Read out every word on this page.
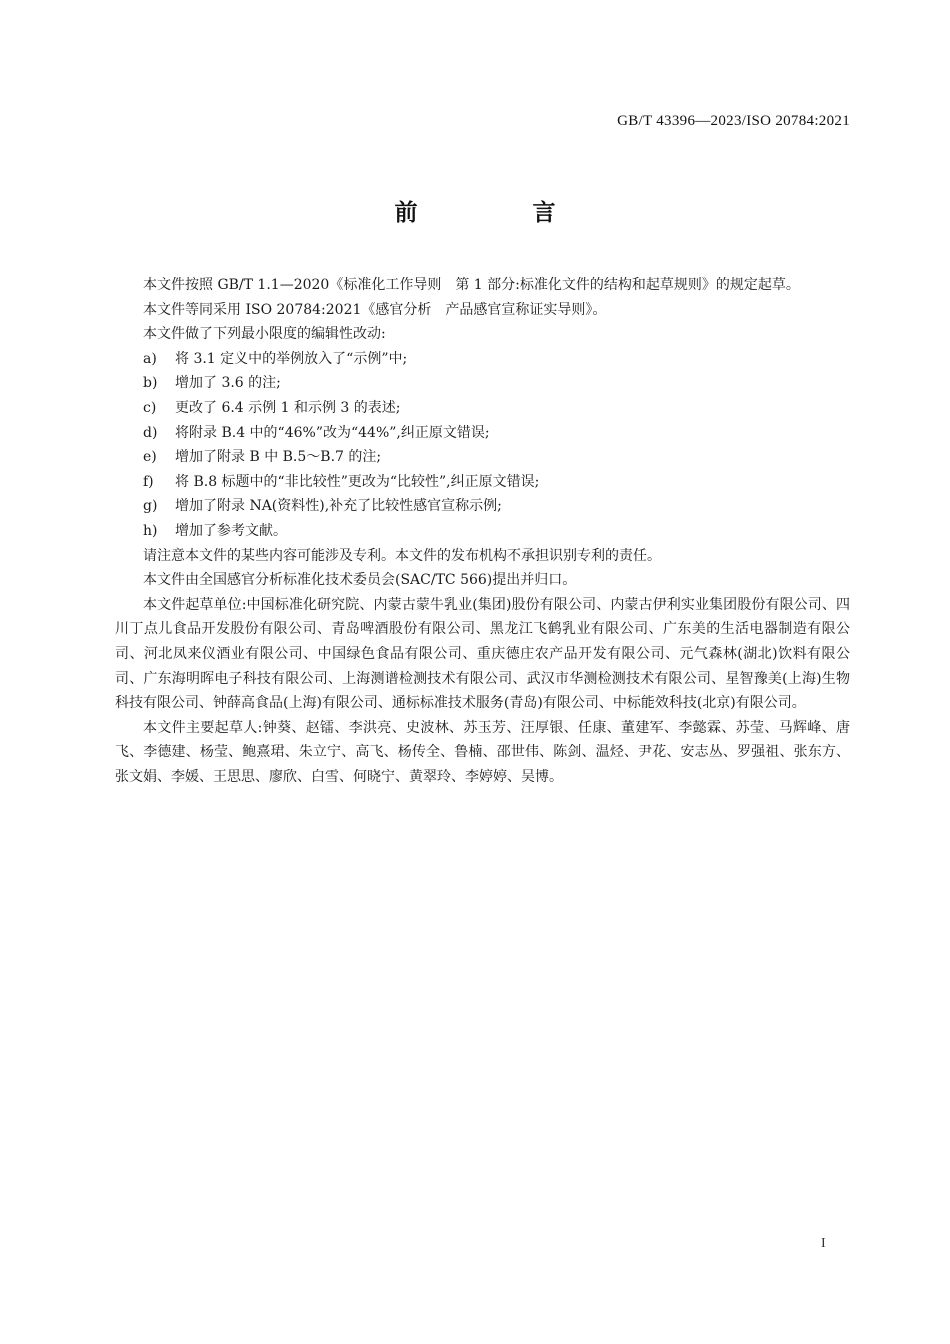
GB/T 43396—2023/ISO 20784:2021
前　言

本文件按照 GB/T 1.1—2020《标准化工作导则　第 1 部分:标准化文件的结构和起草规则》的规定起草。

本文件等同采用 ISO 20784:2021《感官分析　产品感官宣称证实导则》。

本文件做了下列最小限度的编辑性改动:

a)	将 3.1 定义中的举例放入了“示例”中;
b)	增加了 3.6 的注;
c)	更改了 6.4 示例 1 和示例 3 的表述;
d)	将附录 B.4 中的“46%”改为“44%”,纠正原文错误;
e)	增加了附录 B 中 B.5～B.7 的注;
f)	将 B.8 标题中的“非比较性”更改为“比较性”,纠正原文错误;
g)	增加了附录 NA(资料性),补充了比较性感官宣称示例;
h)	增加了参考文献。

请注意本文件的某些内容可能涉及专利。本文件的发布机构不承担识别专利的责任。

本文件由全国感官分析标准化技术委员会(SAC/TC 566)提出并归口。

本文件起草单位:中国标准化研究院、内蒙古蒙牛乳业(集团)股份有限公司、内蒙古伊利实业集团股份有限公司、四川丁点儿食品开发股份有限公司、青岛啤酒股份有限公司、黑龙江飞鹤乳业有限公司、广东美的生活电器制造有限公司、河北凤来仪酒业有限公司、中国绿色食品有限公司、重庆德庄农产品开发有限公司、元气森林(湖北)饮料有限公司、广东海明晖电子科技有限公司、上海测谱检测技术有限公司、武汉市华测检测技术有限公司、星智豫美(上海)生物科技有限公司、钟薛高食品(上海)有限公司、通标标准技术服务(青岛)有限公司、中标能效科技(北京)有限公司。

本文件主要起草人:钟葵、赵镭、李洪亮、史波林、苏玉芳、汪厚银、任康、董建军、李懿霖、苏莹、马辉峰、唐飞、李德建、杨莹、鲍熹珺、朱立宁、高飞、杨传全、鲁楠、邵世伟、陈剑、温烃、尹花、安志丛、罗强祖、张东方、张文娟、李媛、王思思、廖欣、白雪、何晓宁、黄翠玲、李婷婷、吴博。

I
